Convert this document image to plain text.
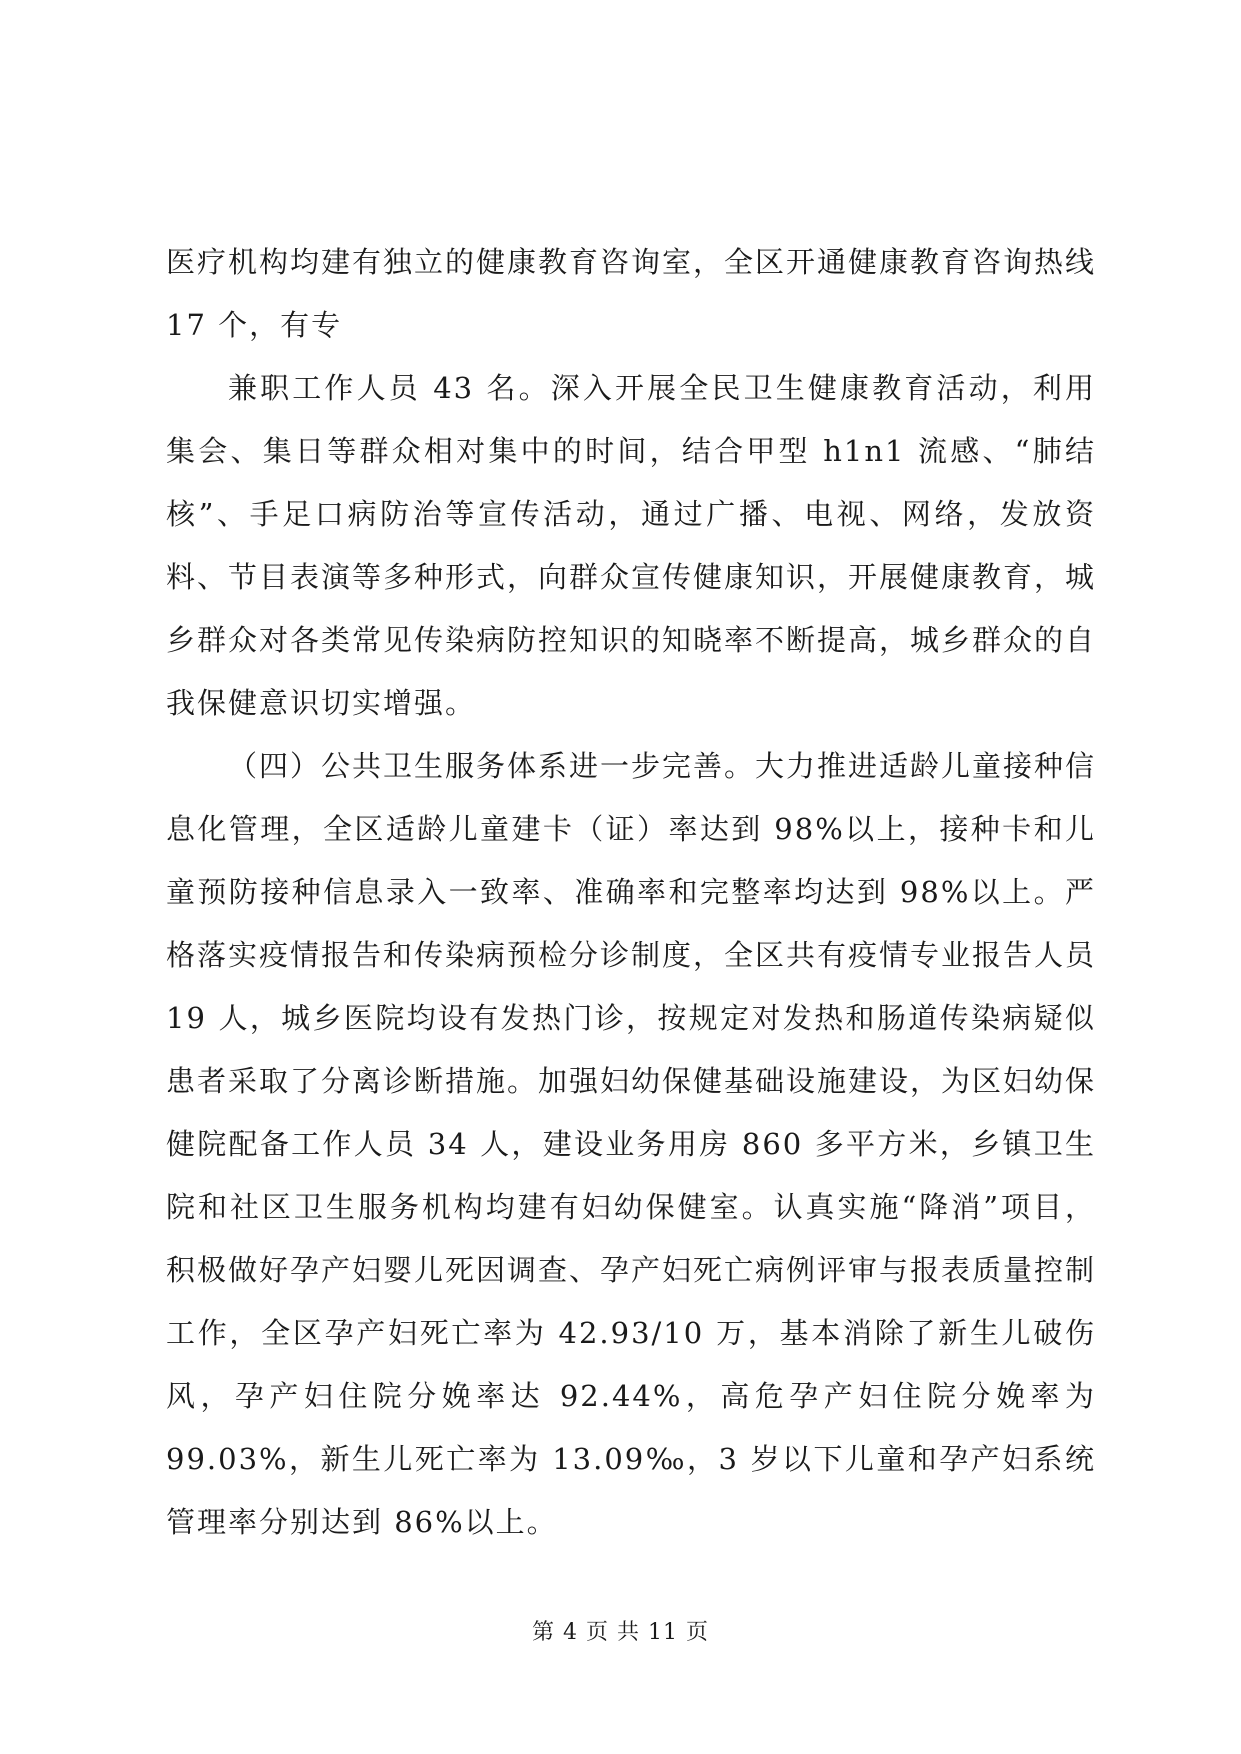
医疗机构均建有独立的健康教育咨询室，全区开通健康教育咨询热线 17 个，有专

兼职工作人员 43 名。深入开展全民卫生健康教育活动，利用集会、集日等群众相对集中的时间，结合甲型 h1n1 流感、“肺结核”、手足口病防治等宣传活动，通过广播、电视、网络，发放资料、节目表演等多种形式，向群众宣传健康知识，开展健康教育，城乡群众对各类常见传染病防控知识的知晓率不断提高，城乡群众的自我保健意识切实增强。

（四）公共卫生服务体系进一步完善。大力推进适龄儿童接种信息化管理，全区适龄儿童建卡（证）率达到 98%以上，接种卡和儿童预防接种信息录入一致率、准确率和完整率均达到 98%以上。严格落实疫情报告和传染病预检分诊制度，全区共有疫情专业报告人员 19 人，城乡医院均设有发热门诊，按规定对发热和肠道传染病疑似患者采取了分离诊断措施。加强妇幼保健基础设施建设，为区妇幼保健院配备工作人员 34 人，建设业务用房 860 多平方米，乡镇卫生院和社区卫生服务机构均建有妇幼保健室。认真实施“降消”项目，积极做好孕产妇婴儿死因调查、孕产妇死亡病例评审与报表质量控制工作，全区孕产妇死亡率为 42.93/10 万，基本消除了新生儿破伤风，孕产妇住院分娩率达 92.44%，高危孕产妇住院分娩率为 99.03%，新生儿死亡率为 13.09‰，3 岁以下儿童和孕产妇系统管理率分别达到 86%以上。

第 4 页 共 11 页
